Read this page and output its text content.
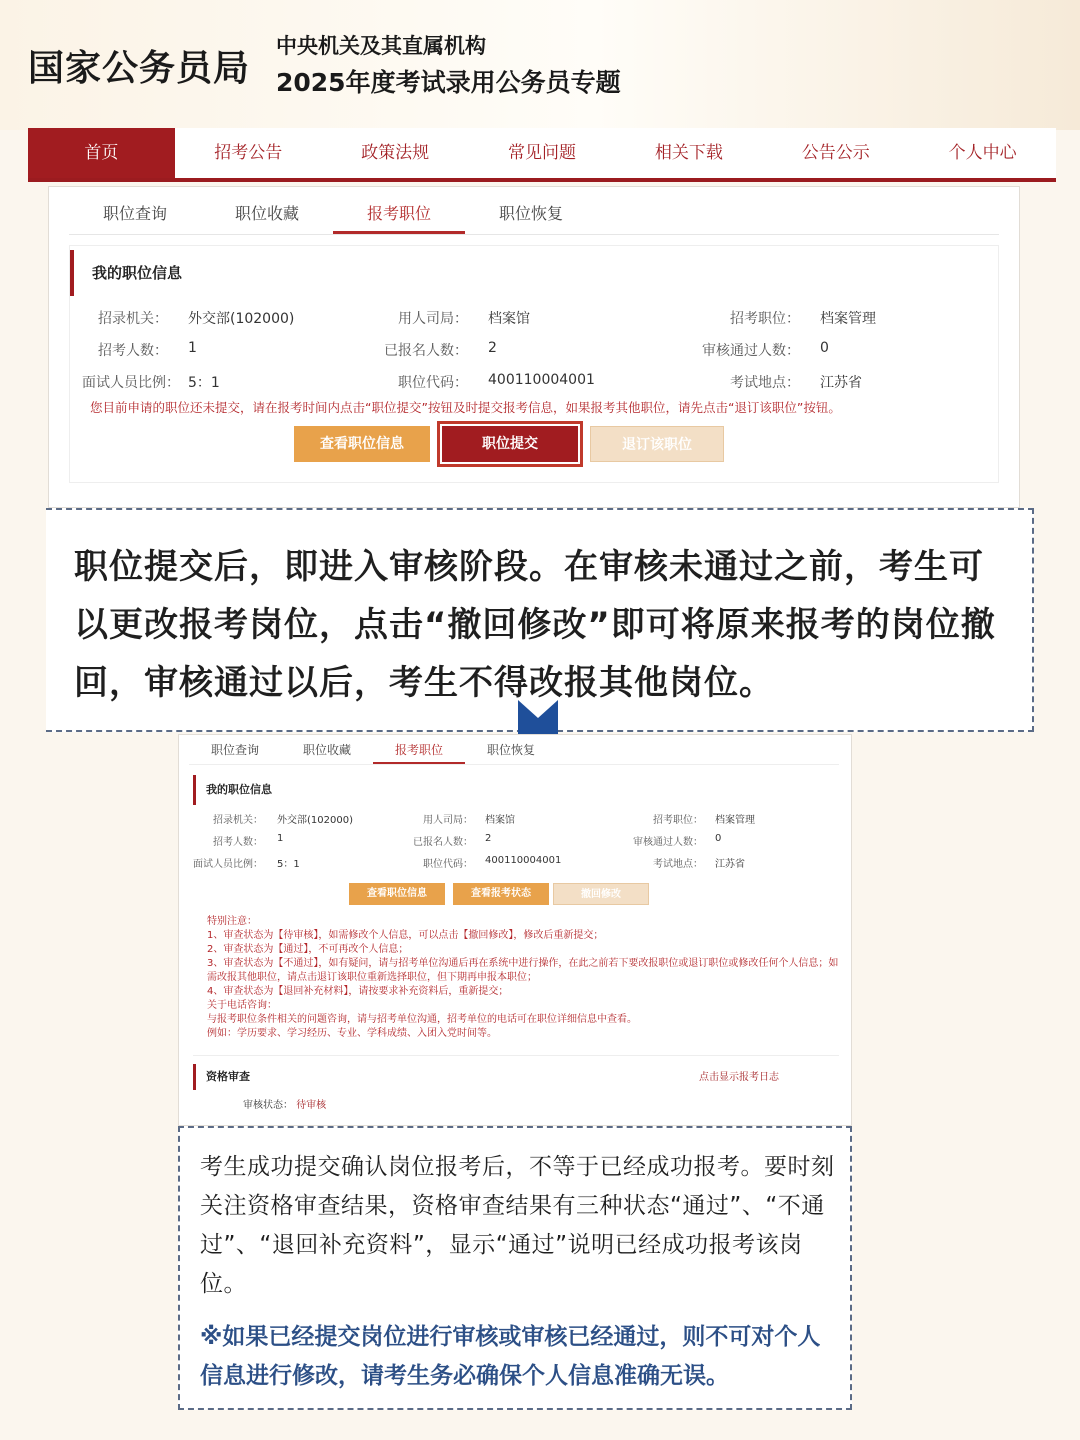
国家公务员局
中央机关及其直属机构
2025年度考试录用公务员专题
首页	招考公告	政策法规	常见问题	相关下载	公告公示	个人中心
职位查询	职位收藏	报考职位	职位恢复
我的职位信息
招录机关： 外交部(102000)	用人司局： 档案馆	招考职位： 档案管理
招考人数： 1	已报名人数： 2	审核通过人数： 0
面试人员比例： 5：1	职位代码： 400110004001	考试地点： 江苏省
您目前申请的职位还未提交，请在报考时间内点击“职位提交”按钮及时提交报考信息，如果报考其他职位，请先点击“退订该职位”按钮。
查看职位信息	职位提交	退订该职位

职位提交后，即进入审核阶段。在审核未通过之前，考生可以更改报考岗位，点击“撤回修改”即可将原来报考的岗位撤回，审核通过以后，考生不得改报其他岗位。

职位查询	职位收藏	报考职位	职位恢复
我的职位信息
招录机关： 外交部(102000)	用人司局： 档案馆	招考职位： 档案管理
招考人数： 1	已报名人数： 2	审核通过人数： 0
面试人员比例： 5：1	职位代码： 400110004001	考试地点： 江苏省
查看职位信息	查看报考状态	撤回修改
特别注意：
1、审查状态为【待审核】，如需修改个人信息，可以点击【撤回修改】，修改后重新提交；
2、审查状态为【通过】，不可再改个人信息；
3、审查状态为【不通过】，如有疑问，请与招考单位沟通后再在系统中进行操作，在此之前若下要改报职位或退订职位或修改任何个人信息；如需改报其他职位，请点击退订该职位重新选择职位，但下期再申报本职位；
4、审查状态为【退回补充材料】，请按要求补充资料后，重新提交；
关于电话咨询：
与报考职位条件相关的问题咨询，请与招考单位沟通，招考单位的电话可在职位详细信息中查看。
例如：学历要求、学习经历、专业、学科成绩、入团入党时间等。
资格审查	点击显示报考日志
审核状态： 待审核
考生成功提交确认岗位报考后，不等于已经成功报考。要时刻关注资格审查结果，资格审查结果有三种状态“通过”、“不通过”、“退回补充资料”，显示“通过”说明已经成功报考该岗位。
※如果已经提交岗位进行审核或审核已经通过，则不可对个人信息进行修改，请考生务必确保个人信息准确无误。
